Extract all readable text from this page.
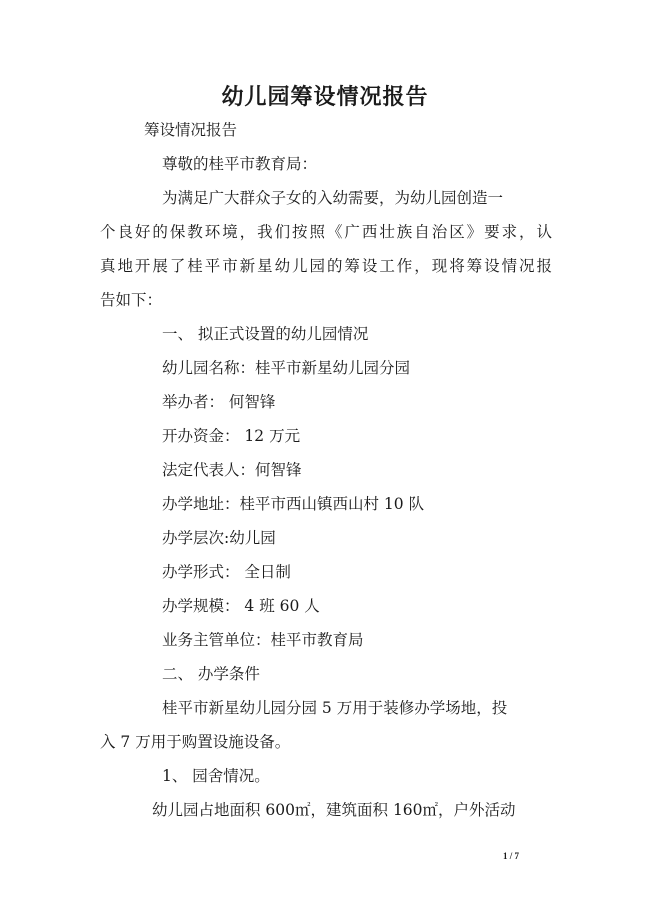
幼儿园筹设情况报告
筹设情况报告
尊敬的桂平市教育局：
为满足广大群众子女的入幼需要，为幼儿园创造一
个良好的保教环境，我们按照《广西壮族自治区》要求，认
真地开展了桂平市新星幼儿园的筹设工作，现将筹设情况报
告如下：
一、 拟正式设置的幼儿园情况
幼儿园名称：桂平市新星幼儿园分园
举办者： 何智锋
开办资金： 12 万元
法定代表人：何智锋
办学地址：桂平市西山镇西山村 10 队
办学层次:幼儿园
办学形式： 全日制
办学规模： 4 班 60 人
业务主管单位：桂平市教育局
二、 办学条件
桂平市新星幼儿园分园 5 万用于装修办学场地，投
入 7 万用于购置设施设备。
1、 园舍情况。
幼儿园占地面积 600㎡，建筑面积 160㎡，户外活动
1 / 7
